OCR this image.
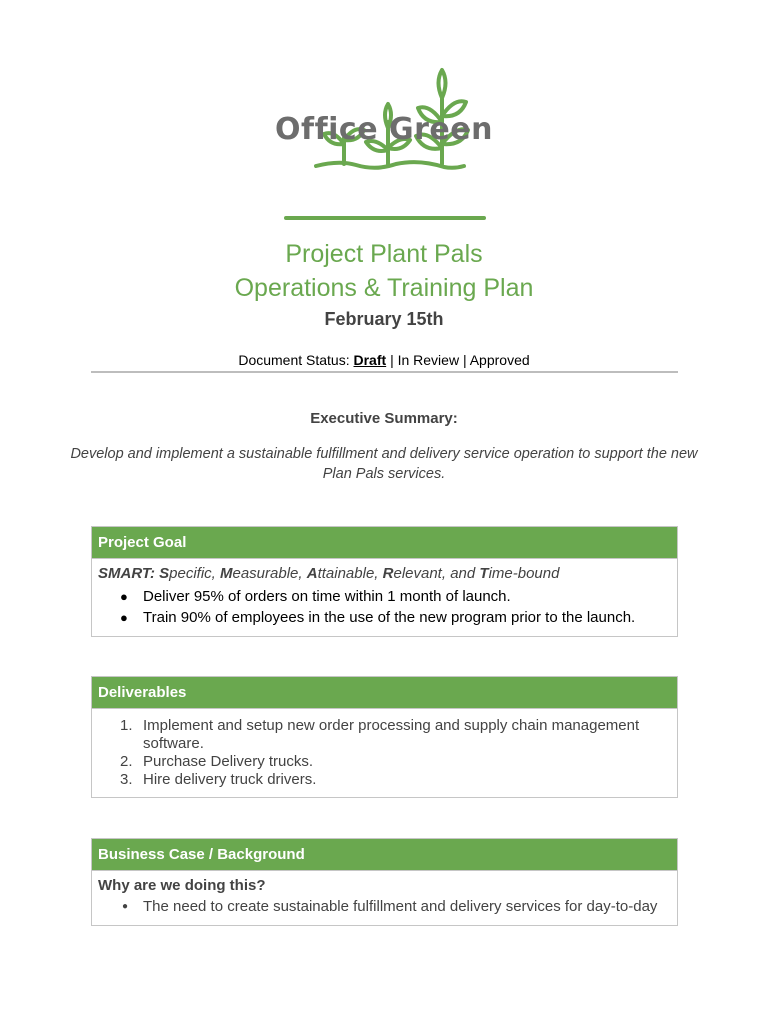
Office Green
Project Plant Pals
Operations & Training Plan
February 15th
Document Status: Draft | In Review | Approved
Executive Summary:
Develop and implement a sustainable fulfillment and delivery service operation to support the new Plan Pals services.
Project Goal
SMART: Specific, Measurable, Attainable, Relevant, and Time-bound
● Deliver 95% of orders on time within 1 month of launch.
● Train 90% of employees in the use of the new program prior to the launch.
Deliverables
1. Implement and setup new order processing and supply chain management software.
2. Purchase Delivery trucks.
3. Hire delivery truck drivers.
Business Case / Background
Why are we doing this?
● The need to create sustainable fulfillment and delivery services for day-to-day
